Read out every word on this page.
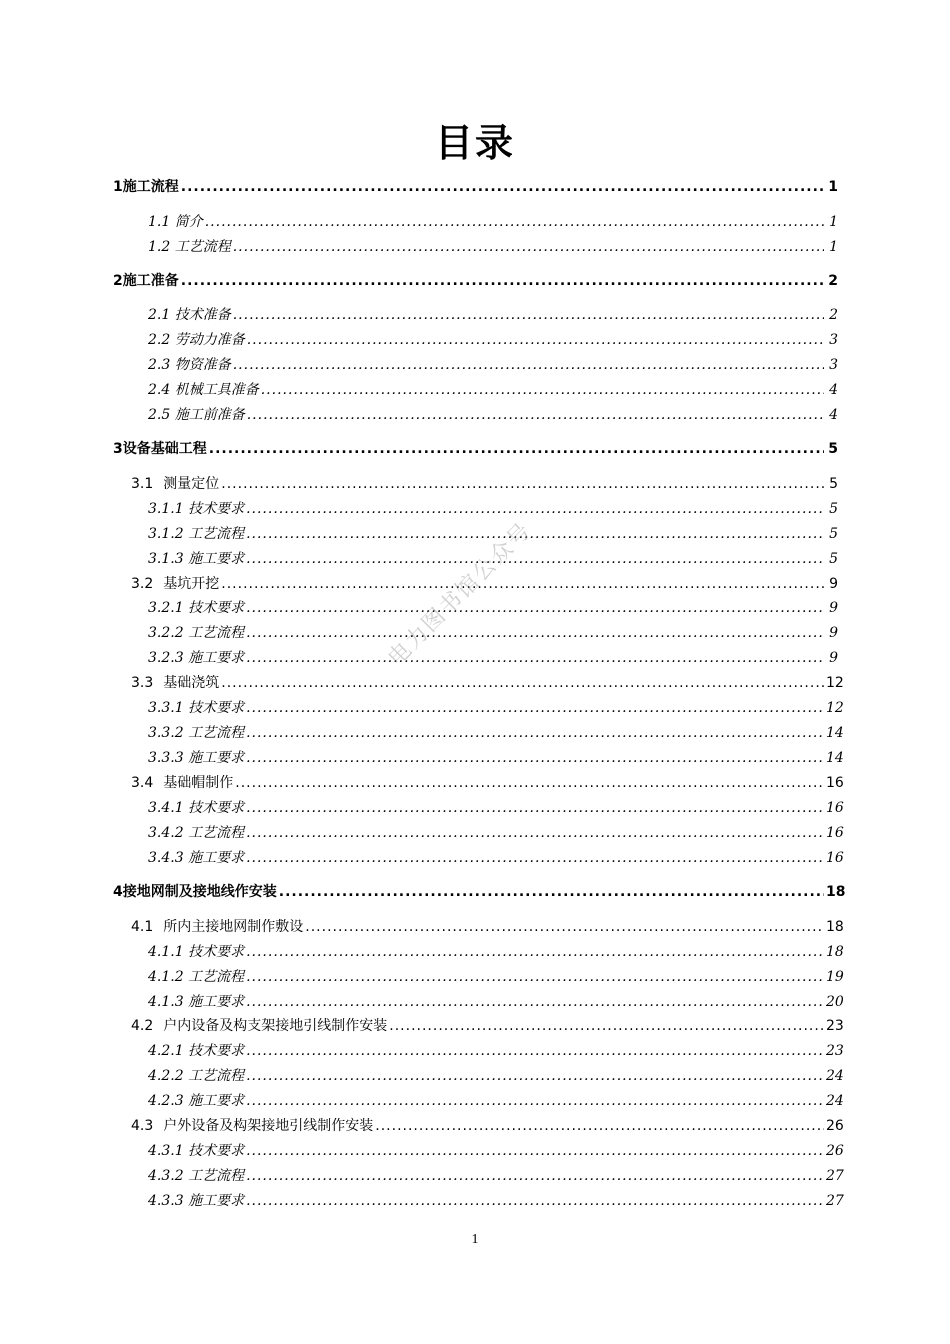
目录
1 施工流程 .....	1
1.1 简介 .....	1
1.2 工艺流程 .....	1
2 施工准备 .....	2
2.1 技术准备 .....	2
2.2 劳动力准备 .....	3
2.3 物资准备 .....	3
2.4 机械工具准备 .....	4
2.5 施工前准备 .....	4
3 设备基础工程 .....	5
3.1 测量定位 .....	5
3.1.1 技术要求 .....	5
3.1.2 工艺流程 .....	5
3.1.3 施工要求 .....	5
3.2 基坑开挖 .....	9
3.2.1 技术要求 .....	9
3.2.2 工艺流程 .....	9
3.2.3 施工要求 .....	9
3.3 基础浇筑 .....	12
3.3.1 技术要求 .....	12
3.3.2 工艺流程 .....	14
3.3.3 施工要求 .....	14
3.4 基础帽制作 .....	16
3.4.1 技术要求 .....	16
3.4.2 工艺流程 .....	16
3.4.3 施工要求 .....	16
4 接地网制及接地线作安装 .....	18
4.1 所内主接地网制作敷设 .....	18
4.1.1 技术要求 .....	18
4.1.2 工艺流程 .....	19
4.1.3 施工要求 .....	20
4.2 户内设备及构支架接地引线制作安装 .....	23
4.2.1 技术要求 .....	23
4.2.2 工艺流程 .....	24
4.2.3 施工要求 .....	24
4.3 户外设备及构架接地引线制作安装 .....	26
4.3.1 技术要求 .....	26
4.3.2 工艺流程 .....	27
4.3.3 施工要求 .....	27
电力图书馆公众号
1
